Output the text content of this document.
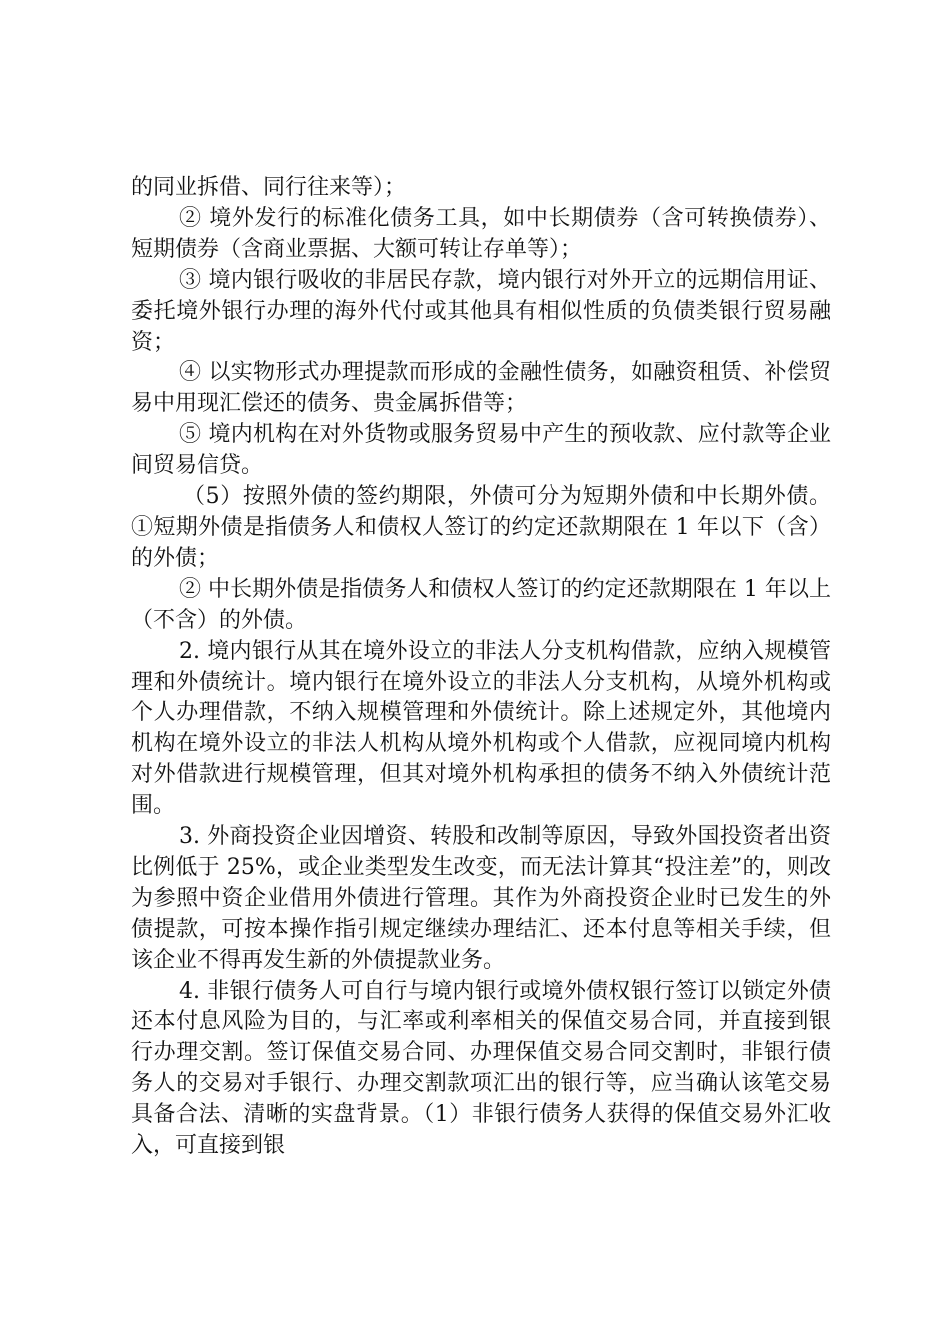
的同业拆借、同行往来等）；

② 境外发行的标准化债务工具，如中长期债券（含可转换债券）、短期债券（含商业票据、大额可转让存单等）；

③ 境内银行吸收的非居民存款，境内银行对外开立的远期信用证、委托境外银行办理的海外代付或其他具有相似性质的负债类银行贸易融资；

④ 以实物形式办理提款而形成的金融性债务，如融资租赁、补偿贸易中用现汇偿还的债务、贵金属拆借等；

⑤ 境内机构在对外货物或服务贸易中产生的预收款、应付款等企业间贸易信贷。

（5）按照外债的签约期限，外债可分为短期外债和中长期外债。①短期外债是指债务人和债权人签订的约定还款期限在 1 年以下（含）的外债；

② 中长期外债是指债务人和债权人签订的约定还款期限在 1 年以上（不含）的外债。

2. 境内银行从其在境外设立的非法人分支机构借款，应纳入规模管理和外债统计。境内银行在境外设立的非法人分支机构，从境外机构或个人办理借款，不纳入规模管理和外债统计。除上述规定外，其他境内机构在境外设立的非法人机构从境外机构或个人借款，应视同境内机构对外借款进行规模管理，但其对境外机构承担的债务不纳入外债统计范围。

3. 外商投资企业因增资、转股和改制等原因，导致外国投资者出资比例低于 25%，或企业类型发生改变，而无法计算其“投注差”的，则改为参照中资企业借用外债进行管理。其作为外商投资企业时已发生的外债提款，可按本操作指引规定继续办理结汇、还本付息等相关手续，但该企业不得再发生新的外债提款业务。

4. 非银行债务人可自行与境内银行或境外债权银行签订以锁定外债还本付息风险为目的，与汇率或利率相关的保值交易合同，并直接到银行办理交割。签订保值交易合同、办理保值交易合同交割时，非银行债务人的交易对手银行、办理交割款项汇出的银行等，应当确认该笔交易具备合法、清晰的实盘背景。（1）非银行债务人获得的保值交易外汇收入，可直接到银
